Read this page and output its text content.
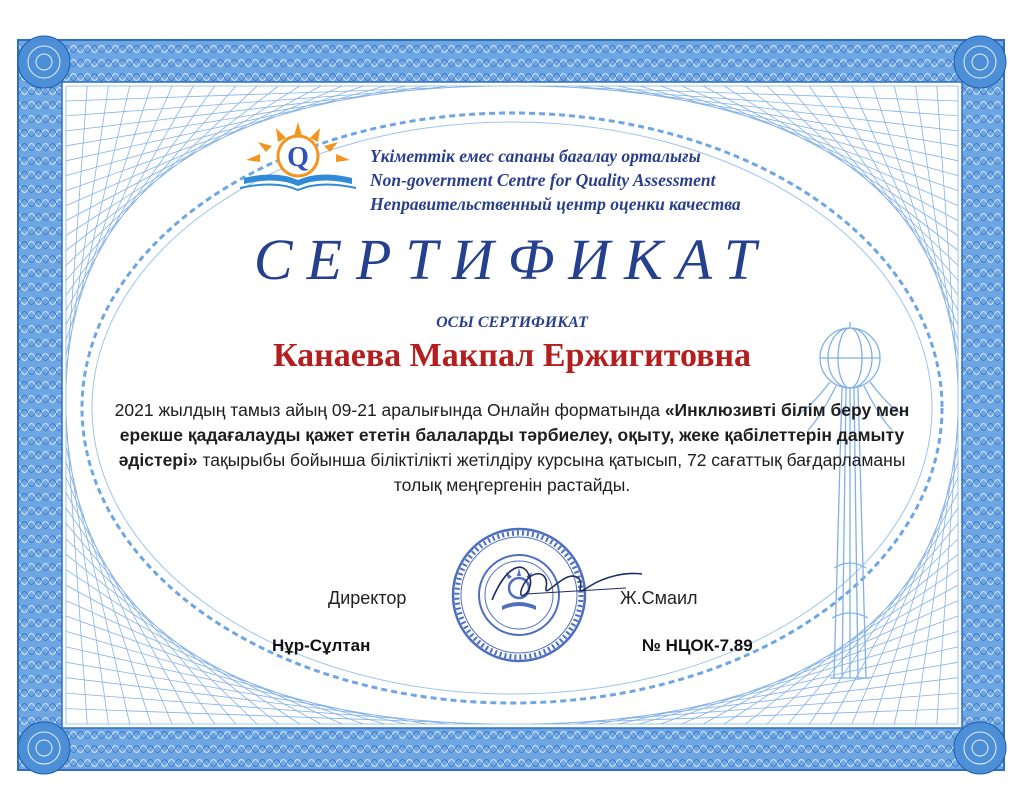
Q	Үкіметтік емес сапаны бағалау орталығы
Non-government Centre for Quality Assessment
Неправительственный центр оценки качества
СЕРТИФИКАТ
ОСЫ СЕРТИФИКАТ
Канаева Макпал Ержигитовна
2021 жылдың тамыз айың 09-21 аралығында Онлайн форматында «Инклюзивті білім беру мен ерекше қадағалауды қажет ететін балаларды тәрбиелеу, оқыту, жеке қабілеттерін дамыту әдістері» тақырыбы бойынша біліктілікті жетілдіру курсына қатысып, 72 сағаттық бағдарламаны толық меңгергенін растайды.
Директор	Ж.Смаил
Нұр-Сұлтан	№ НЦОК-7.89
